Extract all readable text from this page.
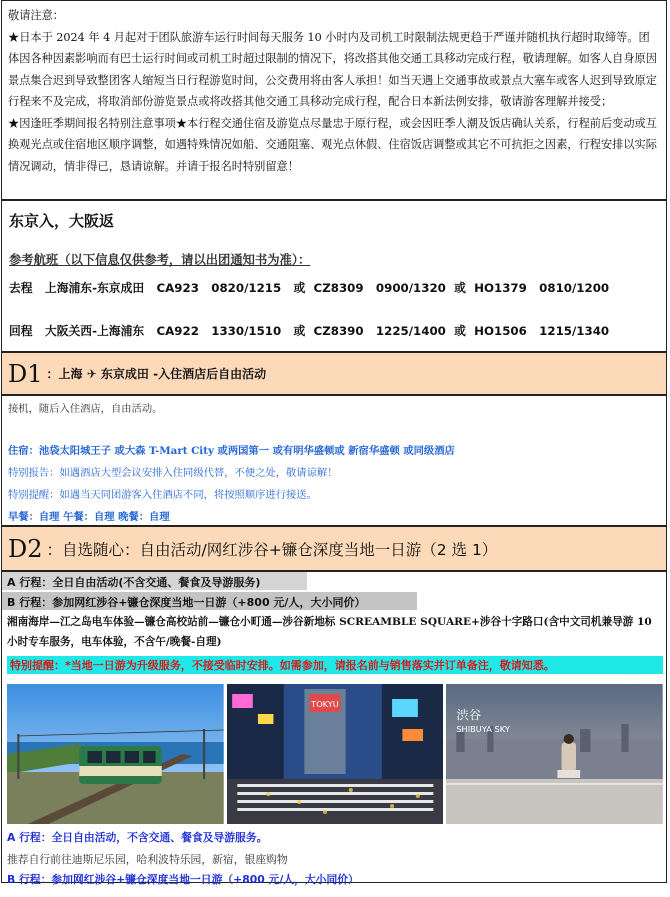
敬请注意：

★日本于 2024 年 4 月起对于团队旅游车运行时间每天服务 10 小时内及司机工时限制法规更趋于严谨并随机执行超时取缔等。团体因各种因素影响而有巴士运行时间或司机工时超过限制的情况下，将改搭其他交通工具移动完成行程，敬请理解。如客人自身原因景点集合迟到导致整团客人缩短当日行程游览时间，公交费用将由客人承担！如当天遇上交通事故或景点大塞车或客人迟到导致原定行程来不及完成，将取消部份游览景点或将改搭其他交通工具移动完成行程，配合日本新法例安排，敬请游客理解并接受；

★因逢旺季期间报名特别注意事项★本行程交通住宿及游览点尽量忠于原行程，或会因旺季人潮及饭店确认关系，行程前后变动或互换观光点或住宿地区顺序调整，如遇特殊情况如船、交通阻塞、观光点休假、住宿饭店调整或其它不可抗拒之因素，行程安排以实际情况调动，情非得已，恳请谅解。并请于报名时特别留意！

东京入，大阪返
参考航班（以下信息仅供参考，请以出团通知书为准）：
去程   上海浦东-东京成田   CA923   0820/1215   或  CZ8309   0900/1320  或  HO1379   0810/1200
回程   大阪关西-上海浦东   CA922   1330/1510   或  CZ8390   1225/1400  或  HO1506   1215/1340
D1 ：上海 ✈ 东京成田 -入住酒店后自由活动
接机，随后入住酒店，自由活动。
住宿：池袋太阳城王子 或大森 T-Mart City 或两国第一 或有明华盛顿或 新宿华盛顿 或同级酒店
特别报告：如遇酒店大型会议安排入住同级代替，不便之处，敬请谅解！
特别提醒：如遇当天同团游客入住酒店不同，将按照顺序进行接送。
早餐：自理 午餐：自理 晚餐：自理
D2 ：自选随心：自由活动/网红涉谷+镰仓深度当地一日游（2 选 1）
A 行程：全日自由活动(不含交通、餐食及导游服务)
B 行程：参加网红涉谷+镰仓深度当地一日游（+800 元/人，大小同价）
湘南海岸—江之岛电车体验—镰仓高校站前—镰仓小町通—涉谷新地标 SCREAMBLE SQUARE+涉谷十字路口(含中文司机兼导游 10 小时专车服务，电车体验，不含午/晚餐-自理)
特别提醒：*当地一日游为升级服务，不接受临时安排。如需参加，请报名前与销售落实并订单备注，敬请知悉。
TOKYU
渋谷
SHIBUYA SKY
A 行程：全日自由活动，不含交通、餐食及导游服务。
推荐自行前往迪斯尼乐园，哈利波特乐园，新宿，银座购物
B 行程：参加网红涉谷+镰仓深度当地一日游（+800 元/人，大小同价）
